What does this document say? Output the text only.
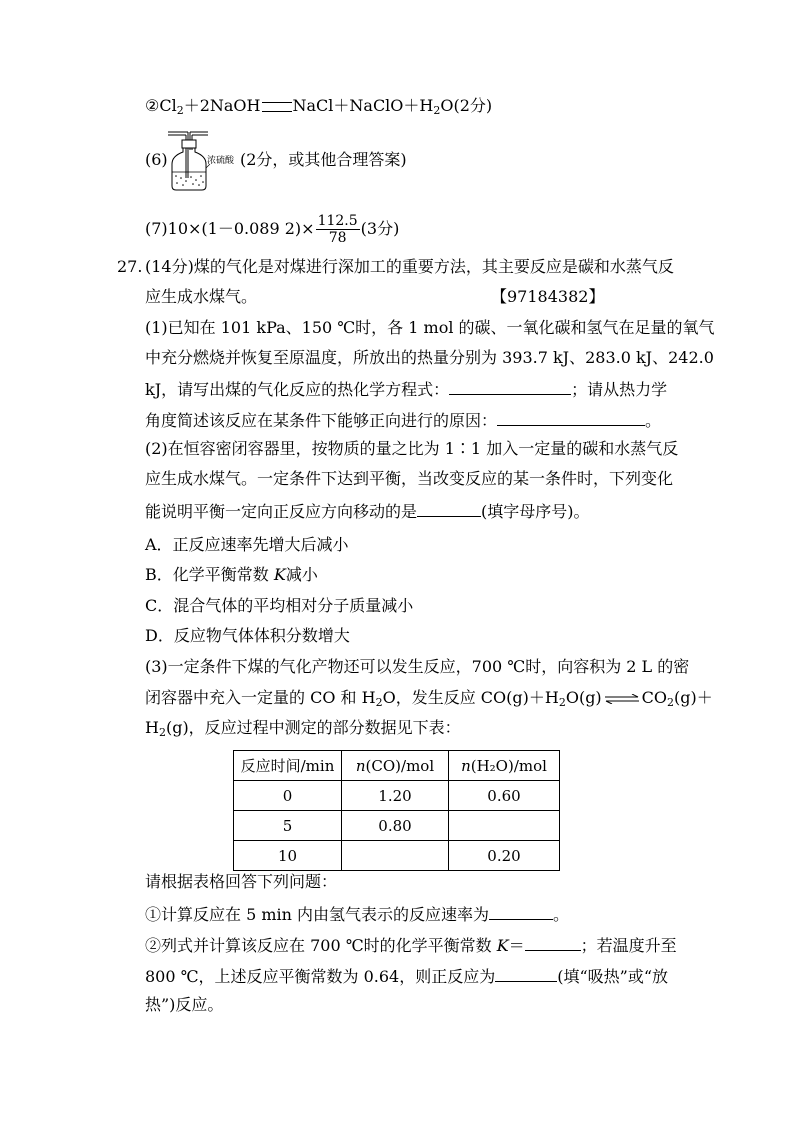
$②Cl_2+2NaOH$ $NaCl+NaClO+H_2O(2$分)
(6)	浓硫酸 (2分，或其他合理答案)
(7)10×(1－0.089 $2)\times \frac{112.5}{78} (3$分)
27. (14分)煤的气化是对煤进行深加工的重要方法，其主要反应是碳和水蒸气反
应生成水煤气。	【97184382】
(1)已知在 101 kPa、150 ℃时，各 1 mol 的碳、一氧化碳和氢气在足量的氧气
中充分燃烧并恢复至原温度，所放出的热量分别为 393.7 kJ、283.0 kJ、242.0
kJ，请写出煤的气化反应的热化学方程式：	；请从热力学
角度简述该反应在某条件下能够正向进行的原因：	。
(2)在恒容密闭容器里，按物质的量之比为 1∶1 加入一定量的碳和水蒸气反
应生成水煤气。一定条件下达到平衡，当改变反应的某一条件时，下列变化
能说明平衡一定向正反应方向移动的是	(填字母序号)。
A．正反应速率先增大后减小
B．化学平衡常数 K减小
C．混合气体的平均相对分子质量减小
D．反应物气体体积分数增大
(3)一定条件下煤的气化产物还可以发生反应，700 ℃时，向容积为 2 L 的密
闭容器中充入一定量的 CO 和 $H_2O$，发生反应 $CO(g)+H_2O(g)$ ⇌ $CO_2(g)+$
$H_2(g)$，反应过程中测定的部分数据见下表：
反应时间/min	n(CO)/mol	n(H₂O)/mol
0	1.20	0.60
5	0.80	
10		0.20
请根据表格回答下列问题：
①计算反应在 5 min 内由氢气表示的反应速率为	。
②列式并计算该反应在 700 ℃时的化学平衡常数 K＝	；若温度升至
800 ℃，上述反应平衡常数为 0.64，则正反应为	(填“吸热”或“放
热”)反应。
